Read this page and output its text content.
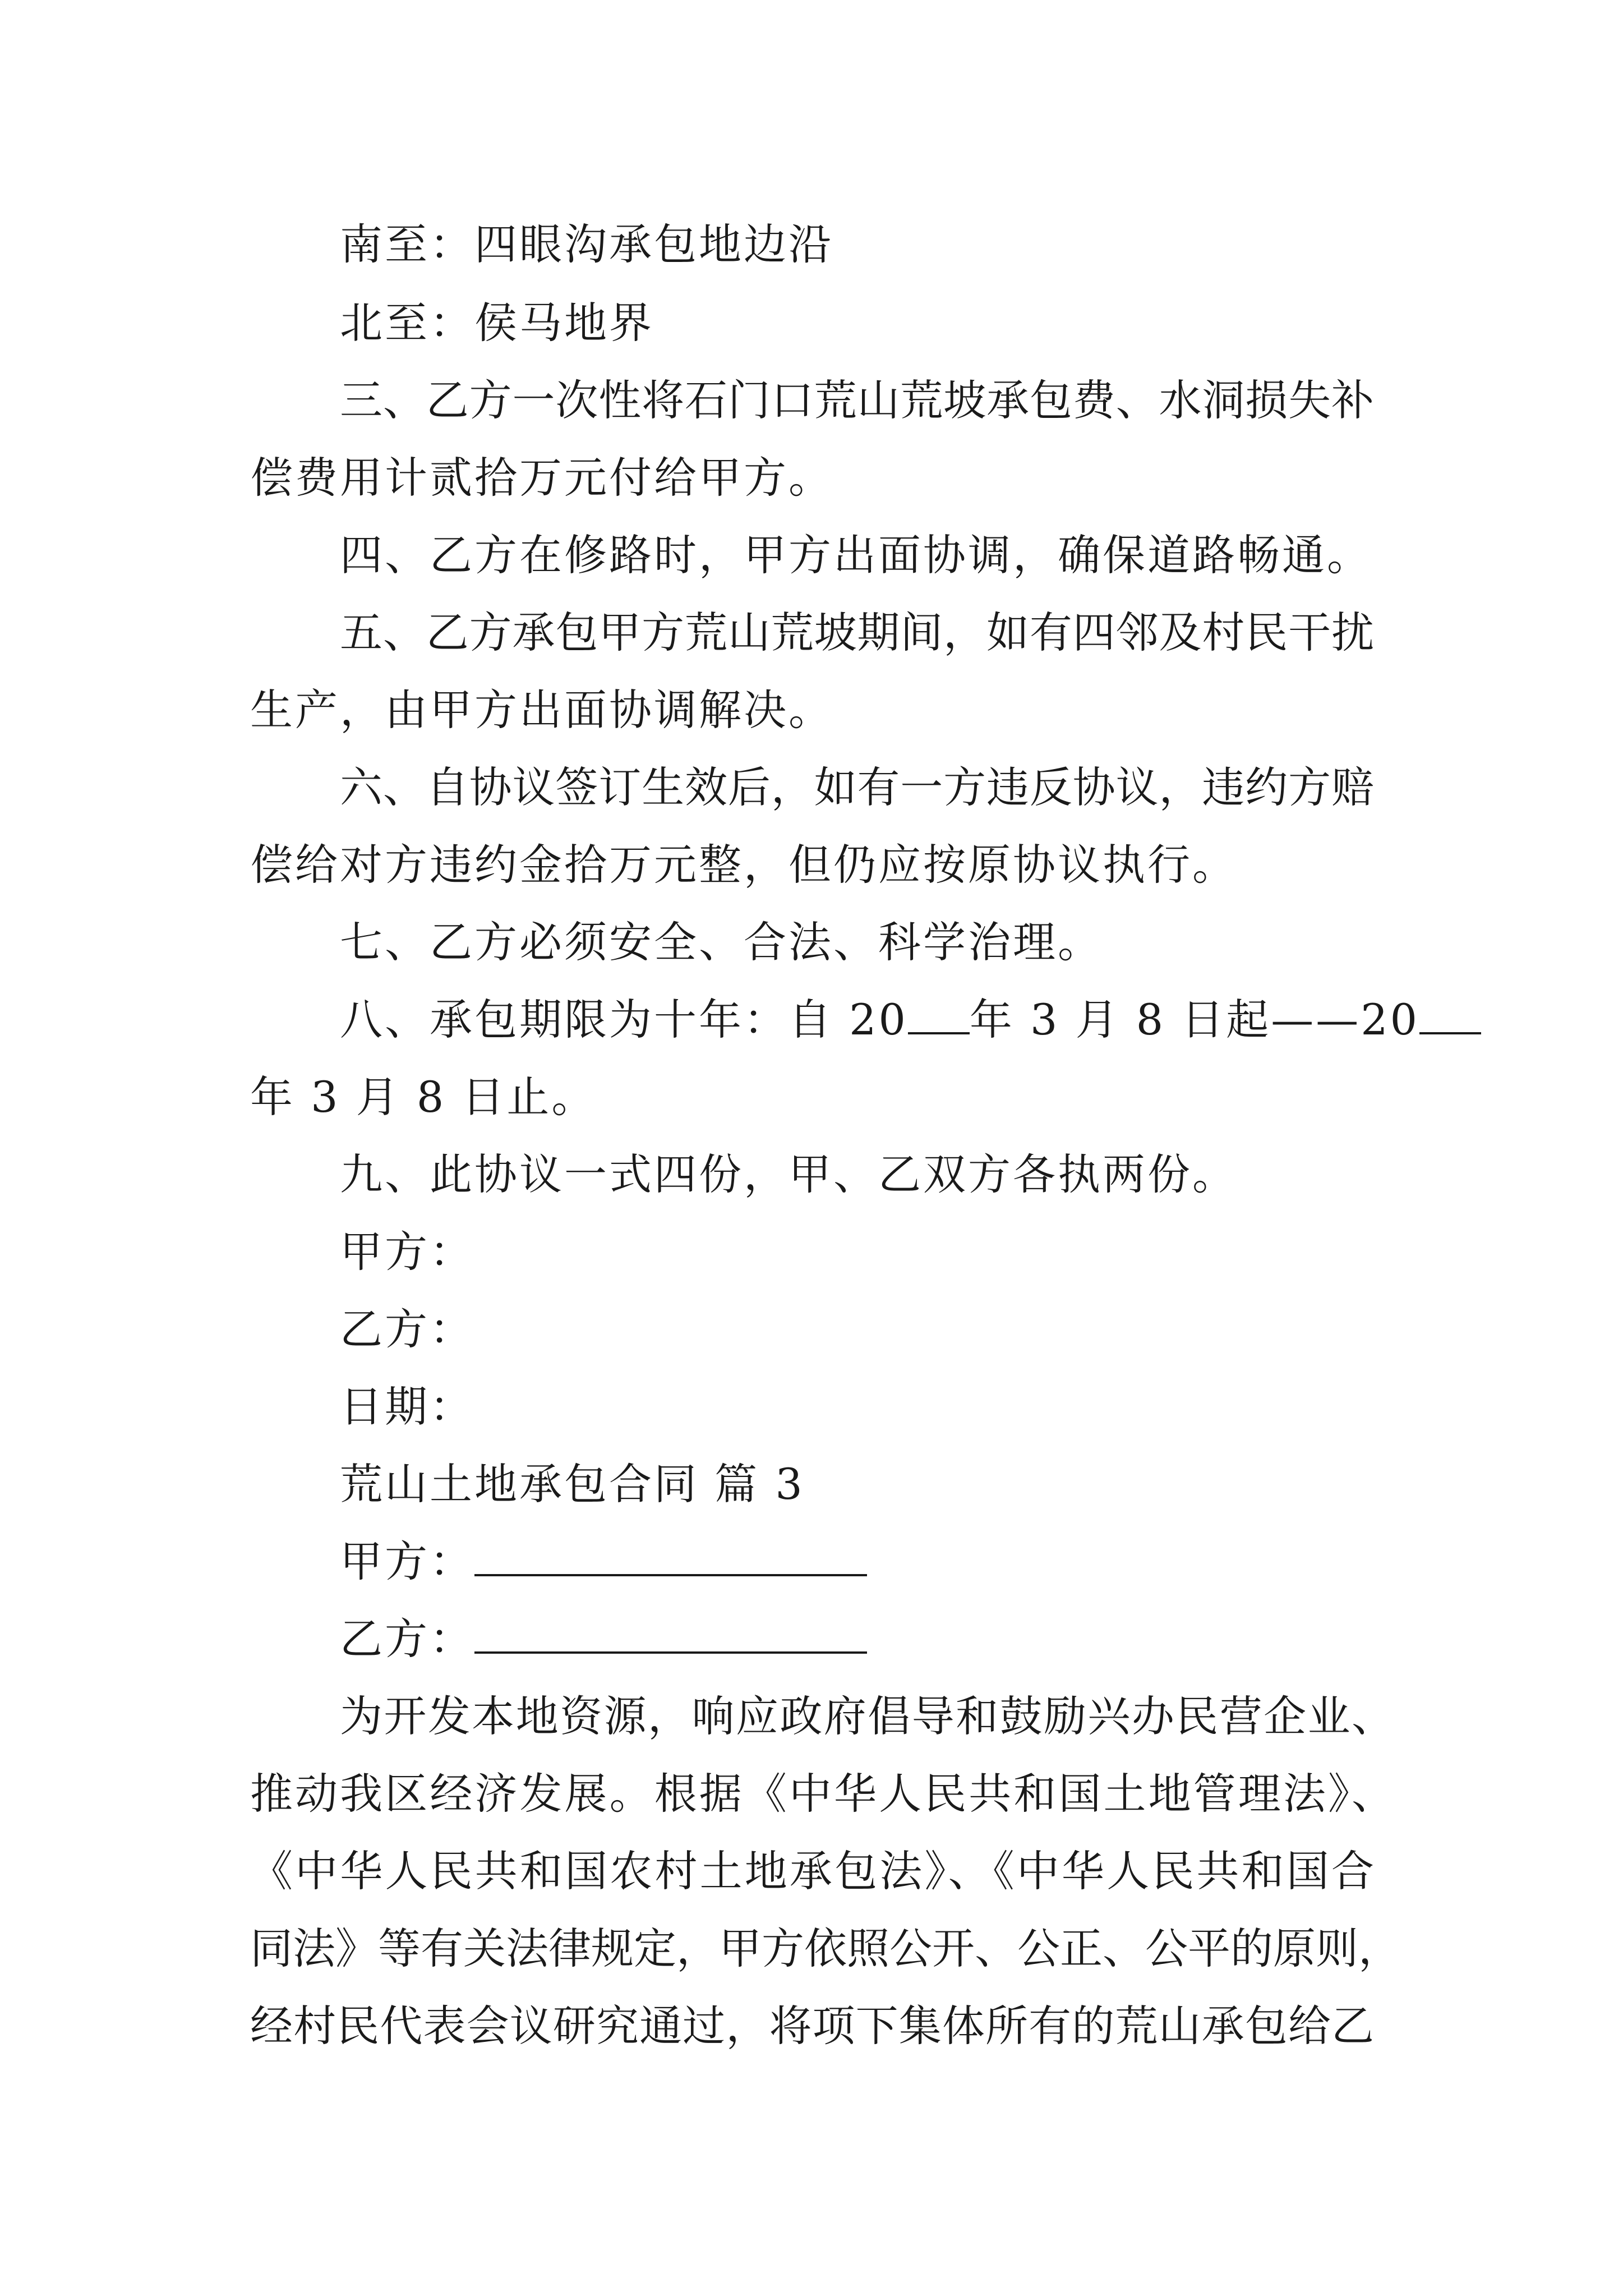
南至：四眼沟承包地边沿
北至：侯马地界
三、乙方一次性将石门口荒山荒坡承包费、水洞损失补
偿费用计贰拾万元付给甲方。
四、乙方在修路时，甲方出面协调，确保道路畅通。
五、乙方承包甲方荒山荒坡期间，如有四邻及村民干扰
生产，由甲方出面协调解决。
六、自协议签订生效后，如有一方违反协议，违约方赔
偿给对方违约金拾万元整，但仍应按原协议执行。
七、乙方必须安全、合法、科学治理。
八、承包期限为十年：自 20 年 3 月 8 日起——20
年 3 月 8 日止。
九、此协议一式四份，甲、乙双方各执两份。
甲方：
乙方：
日期：
荒山土地承包合同 篇 3
甲方：
乙方：
为开发本地资源，响应政府倡导和鼓励兴办民营企业、
推动我区经济发展。根据《中华人民共和国土地管理法》、
《中华人民共和国农村土地承包法》、《中华人民共和国合
同法》等有关法律规定，甲方依照公开、公正、公平的原则，
经村民代表会议研究通过，将项下集体所有的荒山承包给乙
